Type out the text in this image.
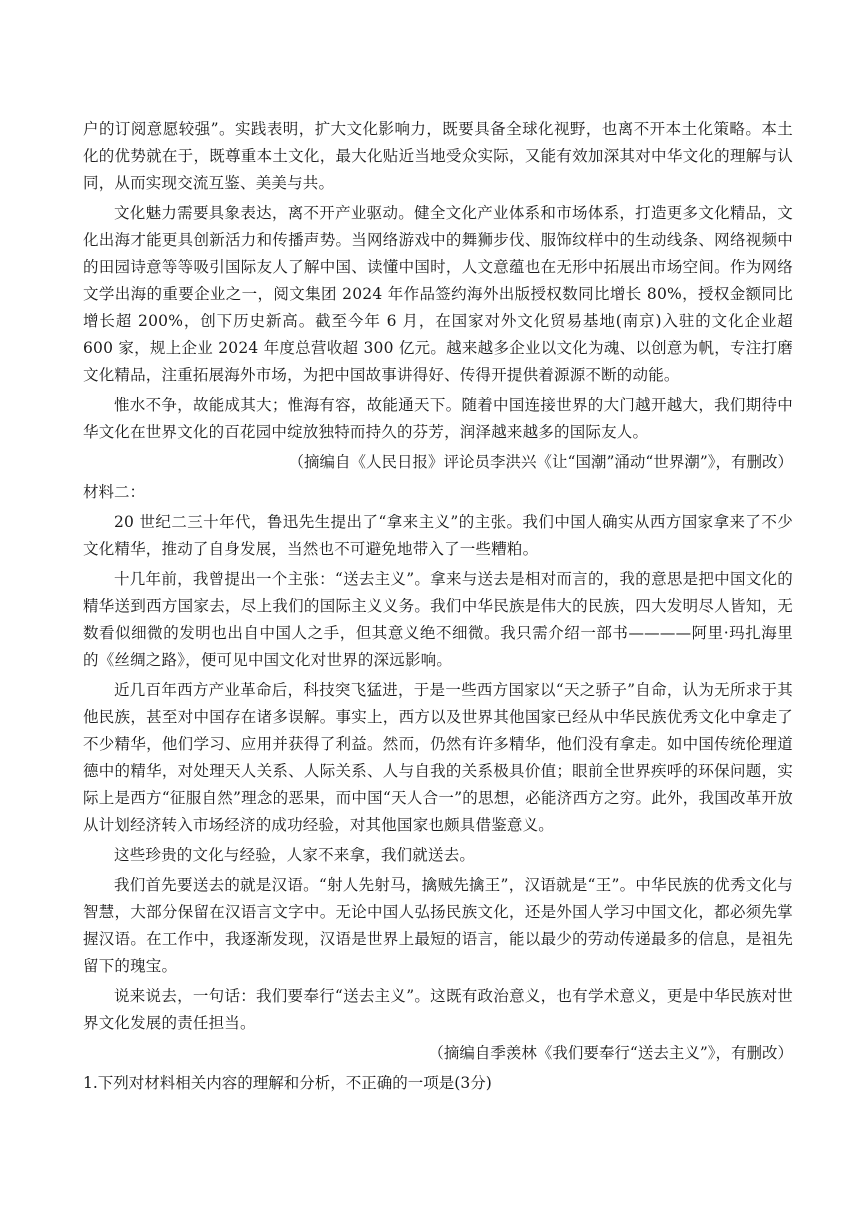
户的订阅意愿较强”。实践表明，扩大文化影响力，既要具备全球化视野，也离不开本土化策略。本土化的优势就在于，既尊重本土文化，最大化贴近当地受众实际，又能有效加深其对中华文化的理解与认同，从而实现交流互鉴、美美与共。

文化魅力需要具象表达，离不开产业驱动。健全文化产业体系和市场体系，打造更多文化精品，文化出海才能更具创新活力和传播声势。当网络游戏中的舞狮步伐、服饰纹样中的生动线条、网络视频中的田园诗意等等吸引国际友人了解中国、读懂中国时，人文意蕴也在无形中拓展出市场空间。作为网络文学出海的重要企业之一，阅文集团 2024 年作品签约海外出版授权数同比增长 80%，授权金额同比增长超 200%，创下历史新高。截至今年 6 月，在国家对外文化贸易基地(南京)入驻的文化企业超 600 家，规上企业 2024 年度总营收超 300 亿元。越来越多企业以文化为魂、以创意为帆，专注打磨文化精品，注重拓展海外市场，为把中国故事讲得好、传得开提供着源源不断的动能。

惟水不争，故能成其大；惟海有容，故能通天下。随着中国连接世界的大门越开越大，我们期待中华文化在世界文化的百花园中绽放独特而持久的芬芳，润泽越来越多的国际友人。

（摘编自《人民日报》评论员李洪兴《让“国潮”涌动“世界潮”》，有删改）

材料二：

20 世纪二三十年代，鲁迅先生提出了“拿来主义”的主张。我们中国人确实从西方国家拿来了不少文化精华，推动了自身发展，当然也不可避免地带入了一些糟粕。

十几年前，我曾提出一个主张：“送去主义”。拿来与送去是相对而言的，我的意思是把中国文化的精华送到西方国家去，尽上我们的国际主义义务。我们中华民族是伟大的民族，四大发明尽人皆知，无数看似细微的发明也出自中国人之手，但其意义绝不细微。我只需介绍一部书————阿里·玛扎海里的《丝绸之路》，便可见中国文化对世界的深远影响。

近几百年西方产业革命后，科技突飞猛进，于是一些西方国家以“天之骄子”自命，认为无所求于其他民族，甚至对中国存在诸多误解。事实上，西方以及世界其他国家已经从中华民族优秀文化中拿走了不少精华，他们学习、应用并获得了利益。然而，仍然有许多精华，他们没有拿走。如中国传统伦理道德中的精华，对处理天人关系、人际关系、人与自我的关系极具价值；眼前全世界疾呼的环保问题，实际上是西方“征服自然”理念的恶果，而中国“天人合一”的思想，必能济西方之穷。此外，我国改革开放从计划经济转入市场经济的成功经验，对其他国家也颇具借鉴意义。

这些珍贵的文化与经验，人家不来拿，我们就送去。

我们首先要送去的就是汉语。“射人先射马，擒贼先擒王”，汉语就是“王”。中华民族的优秀文化与智慧，大部分保留在汉语言文字中。无论中国人弘扬民族文化，还是外国人学习中国文化，都必须先掌握汉语。在工作中，我逐渐发现，汉语是世界上最短的语言，能以最少的劳动传递最多的信息，是祖先留下的瑰宝。

说来说去，一句话：我们要奉行“送去主义”。这既有政治意义，也有学术意义，更是中华民族对世界文化发展的责任担当。

（摘编自季羡林《我们要奉行“送去主义”》，有删改）

1.下列对材料相关内容的理解和分析，不正确的一项是(3分)
